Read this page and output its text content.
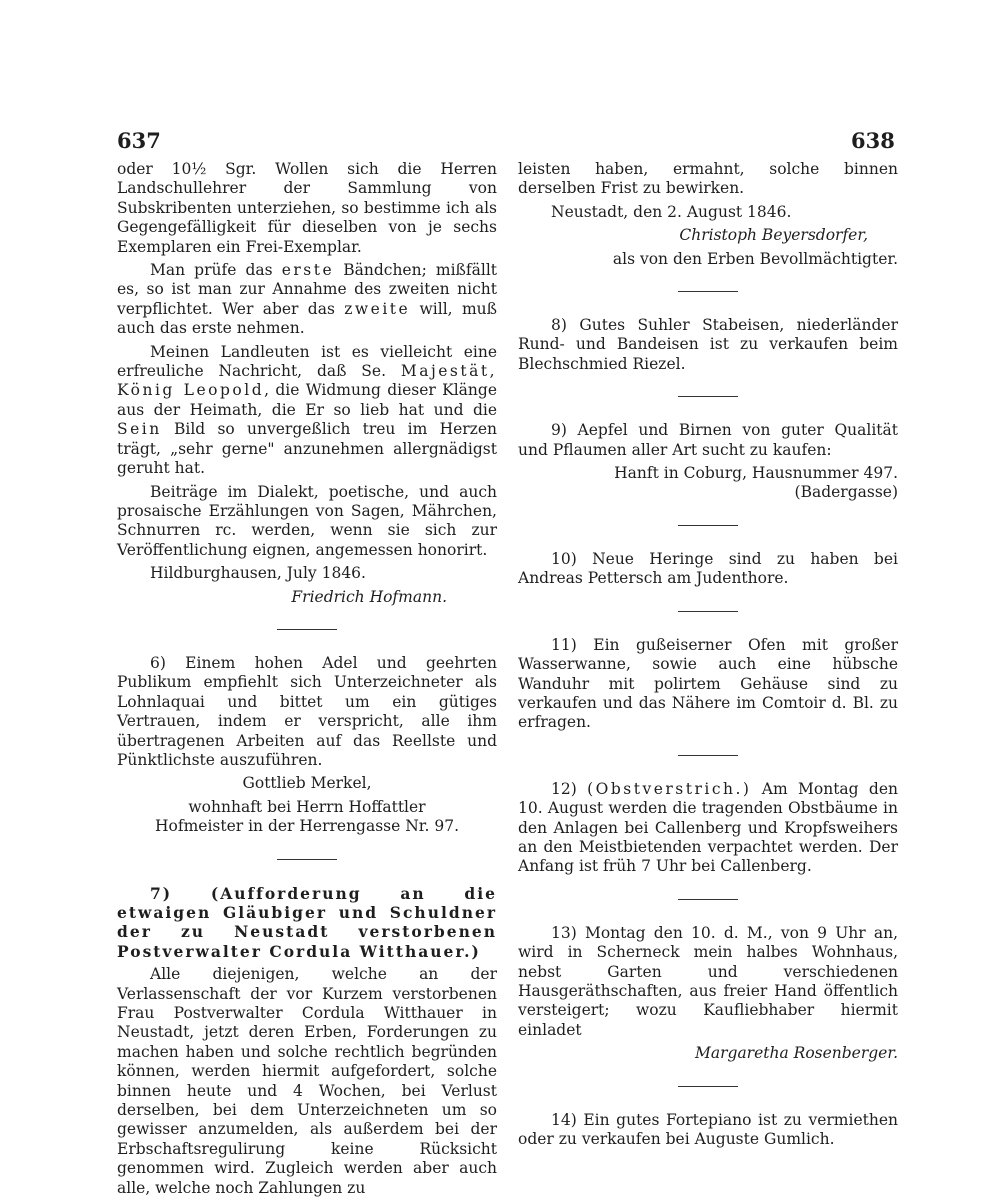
637	638

oder 10½ Sgr. Wollen sich die Herren Landschullehrer der Sammlung von Subskribenten unterziehen, so bestimme ich als Gegengefälligkeit für dieselben von je sechs Exemplaren ein Frei-Exemplar.

Man prüfe das erste Bändchen; mißfällt es, so ist man zur Annahme des zweiten nicht verpflichtet. Wer aber das zweite will, muß auch das erste nehmen.

Meinen Landleuten ist es vielleicht eine erfreuliche Nachricht, daß Se. Majestät, König Leopold, die Widmung dieser Klänge aus der Heimath, die Er so lieb hat und die Sein Bild so unvergeßlich treu im Herzen trägt, „sehr gerne" anzunehmen allergnädigst geruht hat.

Beiträge im Dialekt, poetische, und auch prosaische Erzählungen von Sagen, Mährchen, Schnurren rc. werden, wenn sie sich zur Veröffentlichung eignen, angemessen honorirt.

Hildburghausen, July 1846.

Friedrich Hofmann.

6) Einem hohen Adel und geehrten Publikum empfiehlt sich Unterzeichneter als Lohnlaquai und bittet um ein gütiges Vertrauen, indem er verspricht, alle ihm übertragenen Arbeiten auf das Reellste und Pünktlichste auszuführen.

Gottlieb Merkel,

wohnhaft bei Herrn Hoffattler Hofmeister in der Herrengasse Nr. 97.

7) (Aufforderung an die etwaigen Gläubiger und Schuldner der zu Neustadt verstorbenen Postverwalter Cordula Witthauer.)

Alle diejenigen, welche an der Verlassenschaft der vor Kurzem verstorbenen Frau Postverwalter Cordula Witthauer in Neustadt, jetzt deren Erben, Forderungen zu machen haben und solche rechtlich begründen können, werden hiermit aufgefordert, solche binnen heute und 4 Wochen, bei Verlust derselben, bei dem Unterzeichneten um so gewisser anzumelden, als außerdem bei der Erbschaftsregulirung keine Rücksicht genommen wird. Zugleich werden aber auch alle, welche noch Zahlungen zu

leisten haben, ermahnt, solche binnen derselben Frist zu bewirken.

Neustadt, den 2. August 1846.

Christoph Beyersdorfer,

als von den Erben Bevollmächtigter.

8) Gutes Suhler Stabeisen, niederländer Rund- und Bandeisen ist zu verkaufen beim Blechschmied Riezel.

9) Aepfel und Birnen von guter Qualität und Pflaumen aller Art sucht zu kaufen:

Hanft in Coburg, Hausnummer 497. (Badergasse)

10) Neue Heringe sind zu haben bei Andreas Pettersch am Judenthore.

11) Ein gußeiserner Ofen mit großer Wasserwanne, sowie auch eine hübsche Wanduhr mit polirtem Gehäuse sind zu verkaufen und das Nähere im Comtoir d. Bl. zu erfragen.

12) (Obstverstrich.) Am Montag den 10. August werden die tragenden Obstbäume in den Anlagen bei Callenberg und Kropfsweihers an den Meistbietenden verpachtet werden. Der Anfang ist früh 7 Uhr bei Callenberg.

13) Montag den 10. d. M., von 9 Uhr an, wird in Scherneck mein halbes Wohnhaus, nebst Garten und verschiedenen Hausgeräthschaften, aus freier Hand öffentlich versteigert; wozu Kaufliebhaber hiermit einladet

Margaretha Rosenberger.

14) Ein gutes Fortepiano ist zu vermiethen oder zu verkaufen bei Auguste Gumlich.
